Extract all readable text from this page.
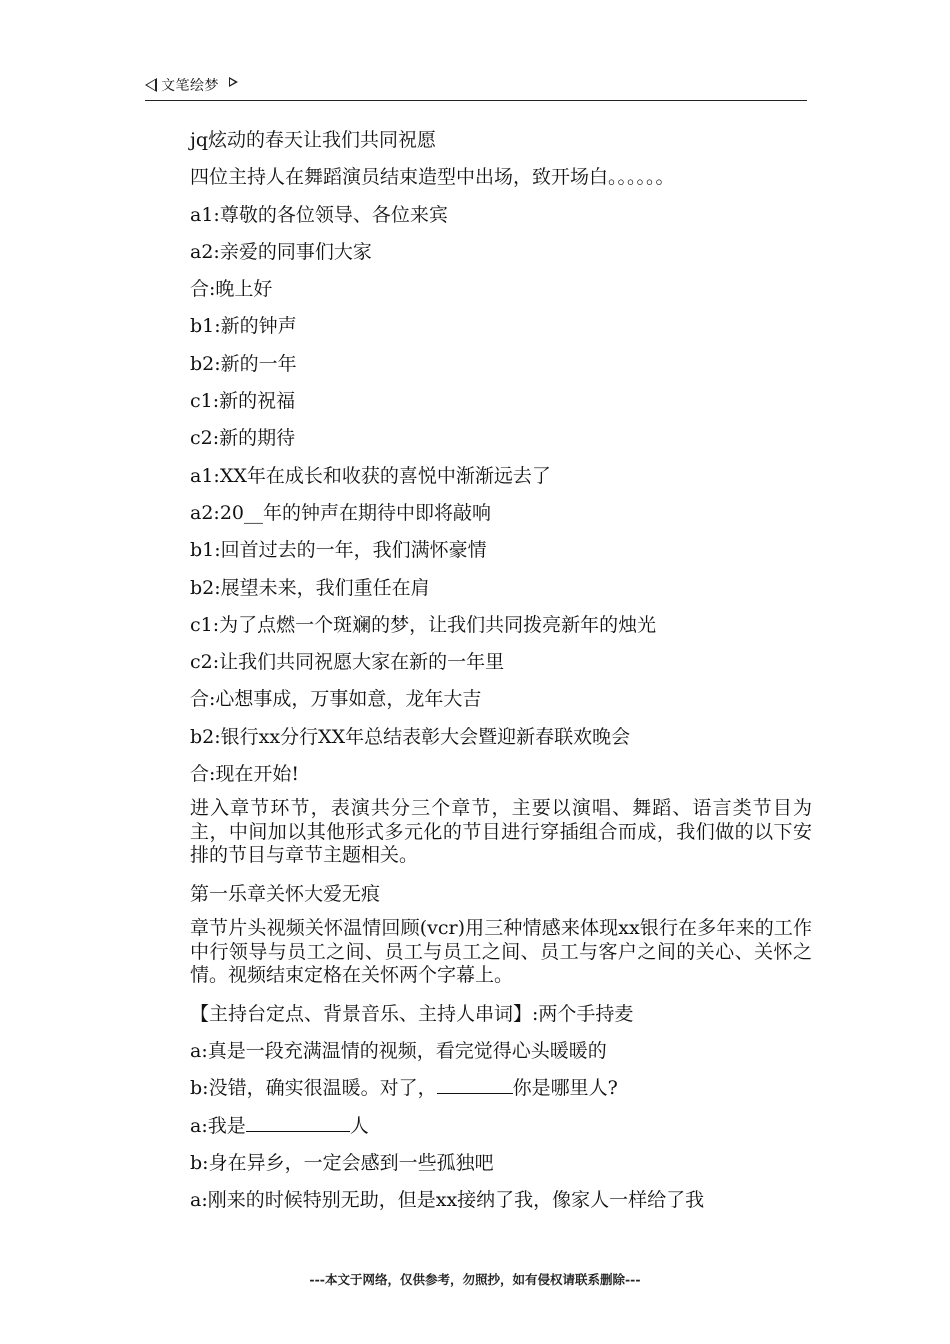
文笔绘梦
jq炫动的春天让我们共同祝愿
四位主持人在舞蹈演员结束造型中出场，致开场白。。。。。。
a1:尊敬的各位领导、各位来宾
a2:亲爱的同事们大家
合:晚上好
b1:新的钟声
b2:新的一年
c1:新的祝福
c2:新的期待
a1:XX年在成长和收获的喜悦中渐渐远去了
a2:20__年的钟声在期待中即将敲响
b1:回首过去的一年，我们满怀豪情
b2:展望未来，我们重任在肩
c1:为了点燃一个斑斓的梦，让我们共同拨亮新年的烛光
c2:让我们共同祝愿大家在新的一年里
合:心想事成，万事如意，龙年大吉
b2:银行xx分行XX年总结表彰大会暨迎新春联欢晚会
合:现在开始!
进入章节环节，表演共分三个章节，主要以演唱、舞蹈、语言类节目为主，中间加以其他形式多元化的节目进行穿插组合而成，我们做的以下安排的节目与章节主题相关。
第一乐章关怀大爱无痕
章节片头视频关怀温情回顾(vcr)用三种情感来体现xx银行在多年来的工作中行领导与员工之间、员工与员工之间、员工与客户之间的关心、关怀之情。视频结束定格在关怀两个字幕上。
【主持台定点、背景音乐、主持人串词】:两个手持麦
a:真是一段充满温情的视频，看完觉得心头暖暖的
b:没错，确实很温暖。对了，	你是哪里人?
a:我是	人
b:身在异乡，一定会感到一些孤独吧
a:刚来的时候特别无助，但是xx接纳了我，像家人一样给了我
---本文于网络，仅供参考，勿照抄，如有侵权请联系删除---
